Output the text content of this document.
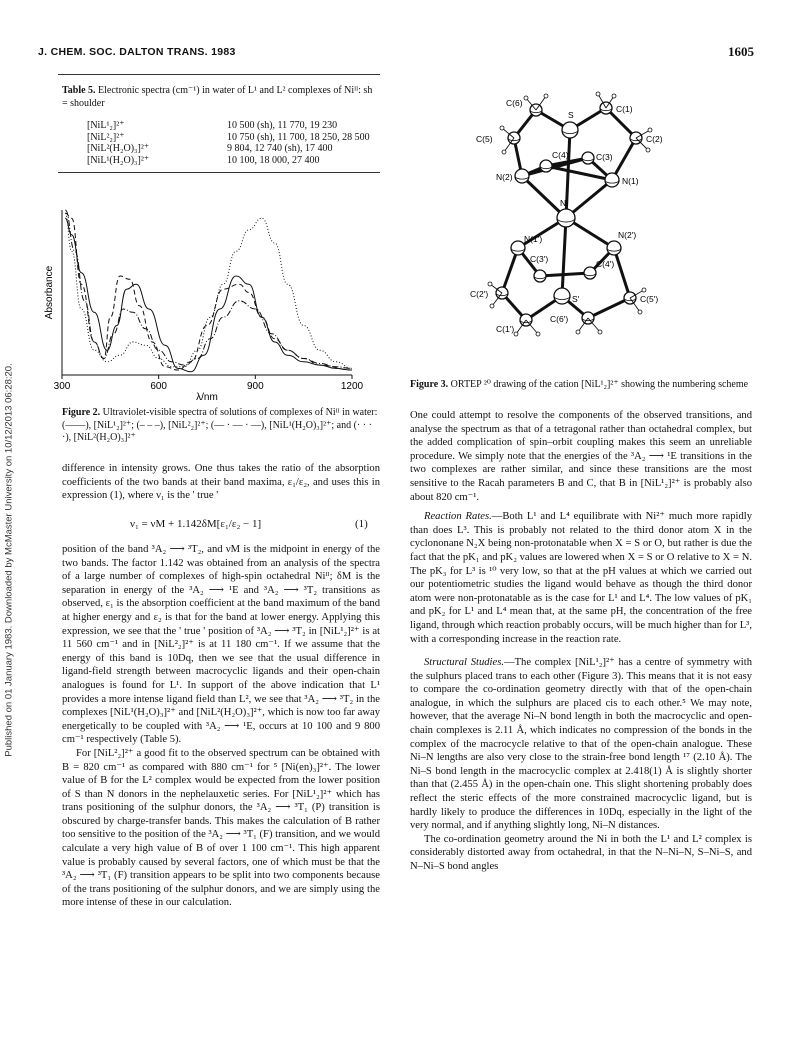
Published on 01 January 1983. Downloaded by McMaster University on 10/12/2013 06:28:20.
J. CHEM. SOC. DALTON TRANS. 1983	1605
Table 5. Electronic spectra (cm⁻¹) in water of L¹ and L² complexes of Niᴵᴵ: sh = shoulder
[NiL¹₂]²⁺	10 500 (sh), 11 770, 19 230
[NiL²₂]²⁺	10 750 (sh), 11 700, 18 250, 28 500
[NiL²(H₂O)₃]²⁺	9 804, 12 740 (sh), 17 400
[NiL¹(H₂O)₃]²⁺	10 100, 18 000, 27 400
300	600	900	1200
λ/nm
Absorbance
Figure 2. Ultraviolet-visible spectra of solutions of complexes of Niᴵᴵ in water: (——), [NiL¹₂]²⁺; (– – –), [NiL²₂]²⁺; (— · — · —), [NiL¹(H₂O)₃]²⁺; and (· · · ·), [NiL²(H₂O)₃]²⁺

difference in intensity grows. One thus takes the ratio of the absorption coefficients of the two bands at their band maxima, ε₁/ε₂, and uses this in expression (1), where ν₁ is the ' true '

ν₁ = νM + 1.142δM[ε₁/ε₂ − 1]	(1)

position of the band ³A₂ ⟶ ³T₂, and νM is the midpoint in energy of the two bands. The factor 1.142 was obtained from an analysis of the spectra of a large number of complexes of high-spin octahedral Niᴵᴵ; δM is the separation in energy of the ³A₂ ⟶ ¹E and ³A₂ ⟶ ³T₂ transitions as observed, ε₁ is the absorption coefficient at the band maximum of the band at higher energy and ε₂ is that for the band at lower energy. Applying this expression, we see that the ' true ' position of ³A₂ ⟶ ³T₂ in [NiL¹₂]²⁺ is at 11 560 cm⁻¹ and in [NiL²₂]²⁺ is at 11 180 cm⁻¹. If we assume that the energy of this band is 10Dq, then we see that the usual difference in ligand-field strength between macrocyclic ligands and their open-chain analogues is found for L¹. In support of the above indication that L¹ provides a more intense ligand field than L², we see that ³A₂ ⟶ ³T₂ in the complexes [NiL¹(H₂O)₃]²⁺ and [NiL²(H₂O)₃]²⁺, which is now too far away energetically to be coupled with ³A₂ ⟶ ¹E, occurs at 10 100 and 9 800 cm⁻¹ respectively (Table 5).

For [NiL²₂]²⁺ a good fit to the observed spectrum can be obtained with B = 820 cm⁻¹ as compared with 880 cm⁻¹ for ⁵ [Ni(en)₃]²⁺. The lower value of B for the L² complex would be expected from the lower position of S than N donors in the nephelauxetic series. For [NiL¹₂]²⁺ which has trans positioning of the sulphur donors, the ³A₂ ⟶ ³T₁ (P) transition is obscured by charge-transfer bands. This makes the calculation of B rather too sensitive to the position of the ³A₂ ⟶ ³T₁ (F) transition, and we would calculate a very high value of B of over 1 100 cm⁻¹. This high apparent value is probably caused by several factors, one of which must be that the ³A₂ ⟶ ³T₁ (F) transition appears to be split into two components because of the trans positioning of the sulphur donors, and we are simply using the more intense of these in our calculation.

C(6)
C(1)
S
C(2)
C(5)
C(4)	C(3)
N(2)	N(1)
Ni
N(1')	N(2')
C(3')	C(4')
C(2')	S'	C(5')
C(6')
C(1')
Figure 3. ORTEP ²⁰ drawing of the cation [NiL¹₂]²⁺ showing the numbering scheme

One could attempt to resolve the components of the observed transitions, and analyse the spectrum as that of a tetragonal rather than octahedral complex, but the added complication of spin–orbit coupling makes this seem an unreliable procedure. We simply note that the energies of the ³A₂ ⟶ ¹E transitions in the two complexes are rather similar, and since these transitions are the most sensitive to the Racah parameters B and C, that B in [NiL¹₂]²⁺ is probably also about 820 cm⁻¹.

Reaction Rates.—Both L¹ and L⁴ equilibrate with Ni²⁺ much more rapidly than does L³. This is probably not related to the third donor atom X in the cyclononane N₂X being non-protonatable when X = S or O, but rather is due the fact that the pK₁ and pK₂ values are lowered when X = S or O relative to X = N. The pK₃ for L³ is ¹⁰ very low, so that at the pH values at which we carried out our potentiometric studies the ligand would behave as though the third donor atom were non-protonatable as is the case for L¹ and L⁴. The low values of pK₁ and pK₂ for L¹ and L⁴ mean that, at the same pH, the concentration of the free ligand, through which reaction probably occurs, will be much higher than for L³, with a corresponding increase in the reaction rate.

Structural Studies.—The complex [NiL¹₂]²⁺ has a centre of symmetry with the sulphurs placed trans to each other (Figure 3). This means that it is not easy to compare the co-ordination geometry directly with that of the open-chain analogue, in which the sulphurs are placed cis to each other.⁵ We may note, however, that the average Ni–N bond length in both the macrocyclic and open-chain complexes is 2.11 Å, which indicates no compression of the bonds in the complex of the macrocycle relative to that of the open-chain analogue. These Ni–N lengths are also very close to the strain-free bond length ¹⁷ (2.10 Å). The Ni–S bond length in the macrocyclic complex at 2.418(1) Å is slightly shorter than that (2.455 Å) in the open-chain one. This slight shortening probably does reflect the steric effects of the more constrained macrocyclic ligand, but is hardly likely to produce the differences in 10Dq, especially in the light of the very normal, and if anything slightly long, Ni–N distances.

The co-ordination geometry around the Ni in both the L¹ and L² complex is considerably distorted away from octahedral, in that the N–Ni–N, S–Ni–S, and N–Ni–S bond angles
